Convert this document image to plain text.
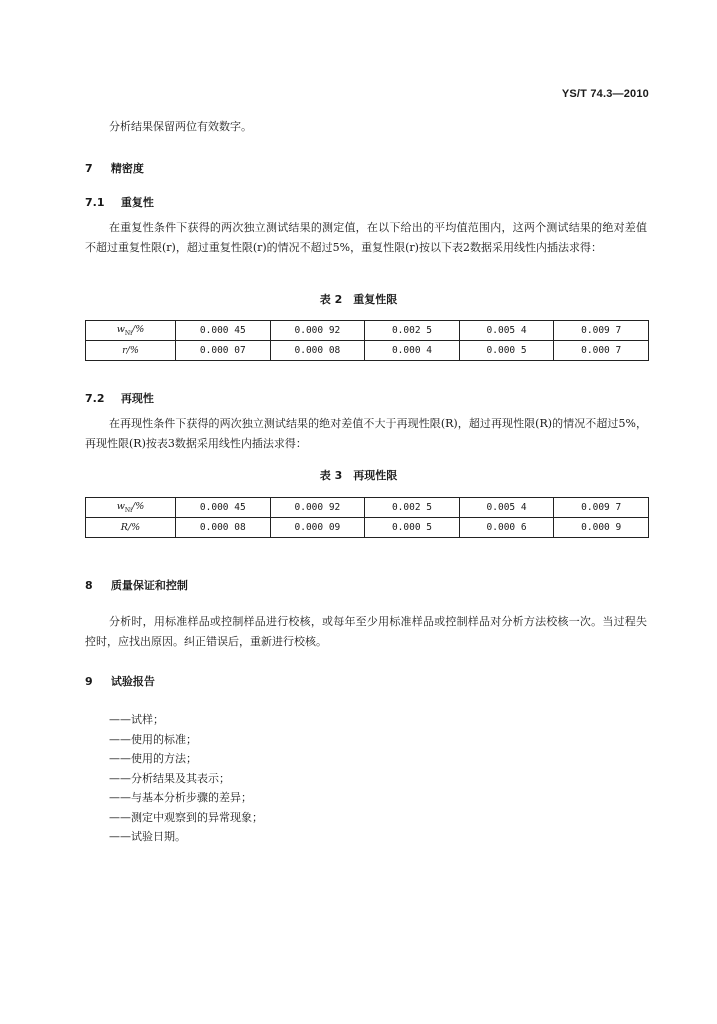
YS/T 74.3—2010
分析结果保留两位有效数字。
7 精密度
7.1 重复性
在重复性条件下获得的两次独立测试结果的测定值，在以下给出的平均值范围内，这两个测试结果的绝对差值不超过重复性限(r)，超过重复性限(r)的情况不超过5%，重复性限(r)按以下表2数据采用线性内插法求得：
表 2　重复性限
$w_{Ni}/\%$	0.000 45	0.000 92	0.002 5	0.005 4	0.009 7
r/%	0.000 07	0.000 08	0.000 4	0.000 5	0.000 7
7.2 再现性
在再现性条件下获得的两次独立测试结果的绝对差值不大于再现性限(R)，超过再现性限(R)的情况不超过5%，再现性限(R)按表3数据采用线性内插法求得：
表 3　再现性限
$w_{Ni}/\%$	0.000 45	0.000 92	0.002 5	0.005 4	0.009 7
R/%	0.000 08	0.000 09	0.000 5	0.000 6	0.000 9
8 质量保证和控制
分析时，用标准样品或控制样品进行校核，或每年至少用标准样品或控制样品对分析方法校核一次。当过程失控时，应找出原因。纠正错误后，重新进行校核。
9 试验报告
——试样；
——使用的标准；
——使用的方法；
——分析结果及其表示；
——与基本分析步骤的差异；
——测定中观察到的异常现象；
——试验日期。
